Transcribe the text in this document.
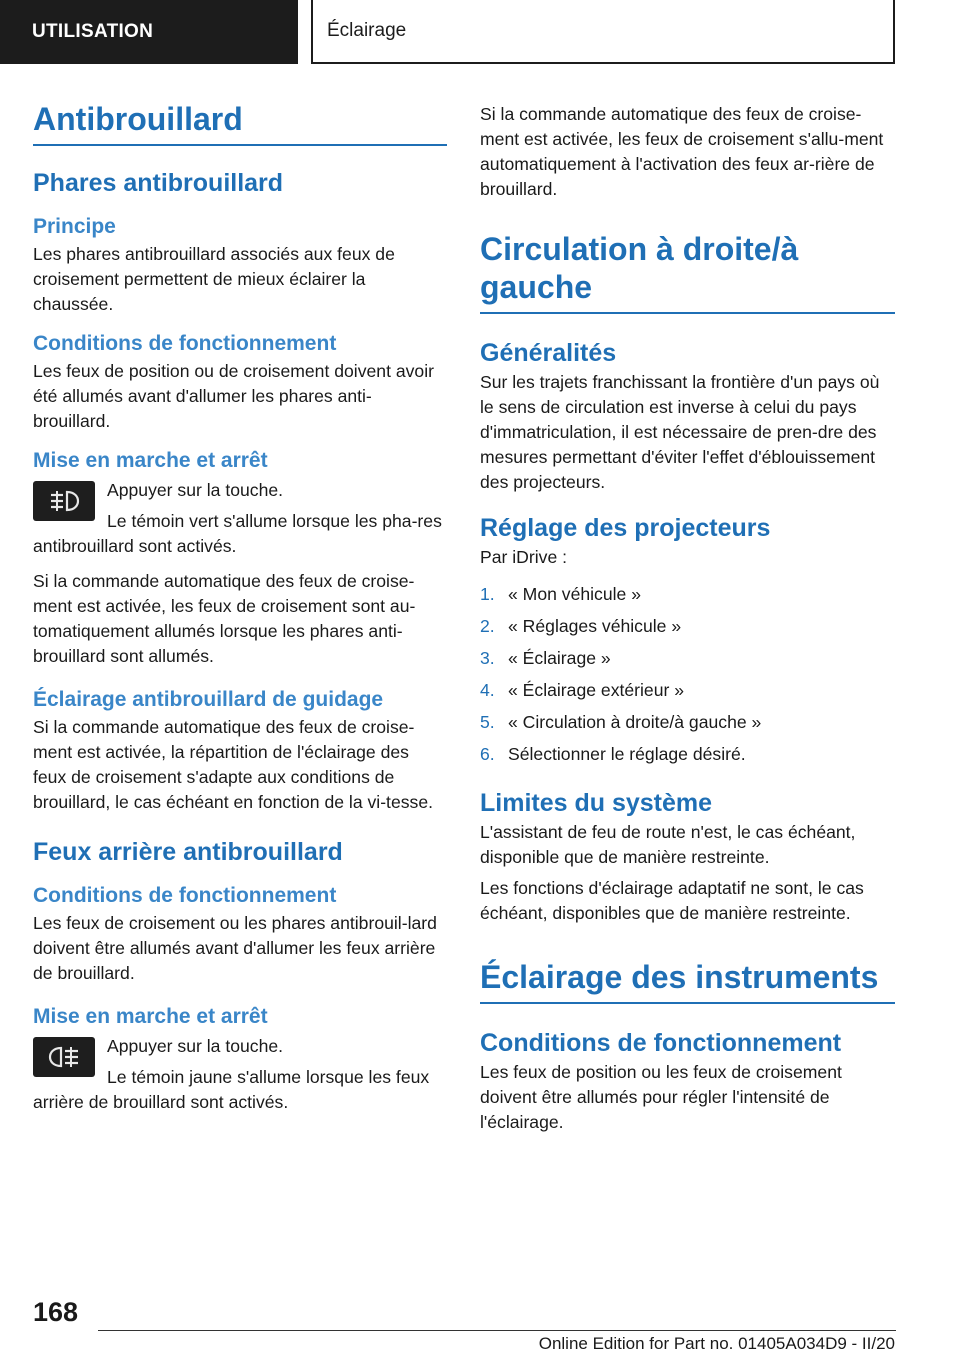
UTILISATION	Éclairage
Antibrouillard
Phares antibrouillard
Principe

Les phares antibrouillard associés aux feux de croisement permettent de mieux éclairer la chaussée.

Conditions de fonctionnement

Les feux de position ou de croisement doivent avoir été allumés avant d'allumer les phares anti-brouillard.

Mise en marche et arrêt

Appuyer sur la touche.

Le témoin vert s'allume lorsque les pha-res antibrouillard sont activés.

Si la commande automatique des feux de croise-ment est activée, les feux de croisement sont au-tomatiquement allumés lorsque les phares anti-brouillard sont allumés.

Éclairage antibrouillard de guidage

Si la commande automatique des feux de croise-ment est activée, la répartition de l'éclairage des feux de croisement s'adapte aux conditions de brouillard, le cas échéant en fonction de la vi-tesse.

Feux arrière antibrouillard
Conditions de fonctionnement

Les feux de croisement ou les phares antibrouil-lard doivent être allumés avant d'allumer les feux arrière de brouillard.

Mise en marche et arrêt

Appuyer sur la touche.

Le témoin jaune s'allume lorsque les feux arrière de brouillard sont activés.

Si la commande automatique des feux de croise-ment est activée, les feux de croisement s'allu-ment automatiquement à l'activation des feux ar-rière de brouillard.

Circulation à droite/à gauche
Généralités

Sur les trajets franchissant la frontière d'un pays où le sens de circulation est inverse à celui du pays d'immatriculation, il est nécessaire de pren-dre des mesures permettant d'éviter l'effet d'éblouissement des projecteurs.

Réglage des projecteurs

Par iDrive :

1. « Mon véhicule »
2. « Réglages véhicule »
3. « Éclairage »
4. « Éclairage extérieur »
5. « Circulation à droite/à gauche »
6. Sélectionner le réglage désiré.
Limites du système

L'assistant de feu de route n'est, le cas échéant, disponible que de manière restreinte.

Les fonctions d'éclairage adaptatif ne sont, le cas échéant, disponibles que de manière restreinte.

Éclairage des instruments
Conditions de fonctionnement

Les feux de position ou les feux de croisement doivent être allumés pour régler l'intensité de l'éclairage.

168
Online Edition for Part no. 01405A034D9 - II/20
